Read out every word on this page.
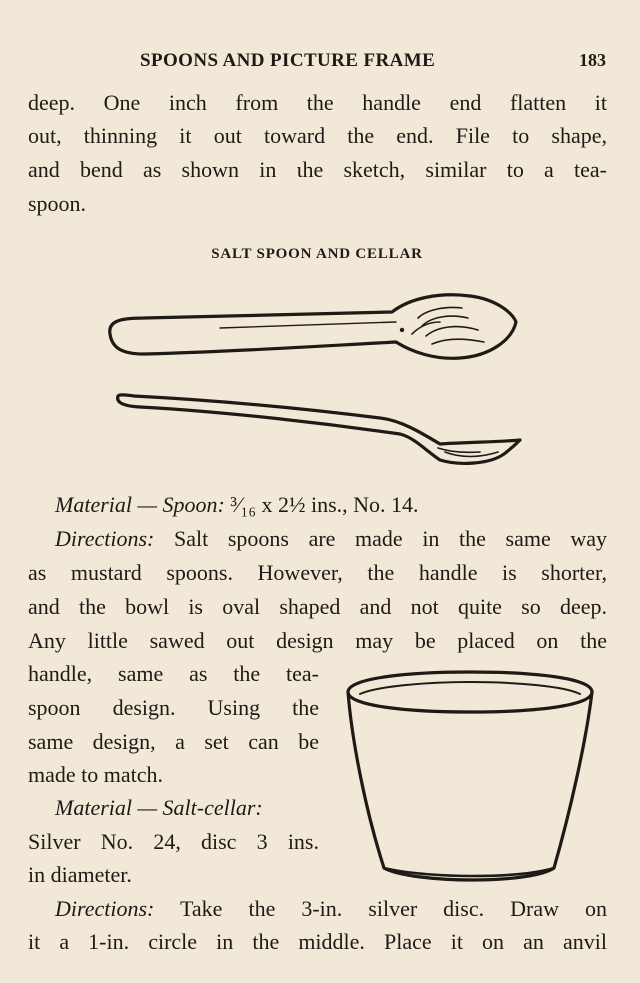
SPOONS AND PICTURE FRAME	183
deep. One inch from the handle end flatten it
out, thinning it out toward the end. File to shape,
and bend as shown in ιhe sketch, similar to a tea-
spoon.
SALT SPOON AND CELLAR
Material — Spoon: ³⁄₁₆ x 2½ ins., No. 14.
Directions: Salt spoons are made in the same way
as mustard spoons. However, the handle is shorter,
and the bowl is oval shaped and not quite so deep.
Any little sawed out design may be placed on the
handle, same as the tea-
spoon design. Using the
same design, a set can be
made to match.
Material — Salt-cellar:
Silver No. 24, disc 3 ins.
in diameter.
Directions: Take the 3-in. silver disc. Draw on
it a 1-in. circle in the middle. Place it on an anvil
